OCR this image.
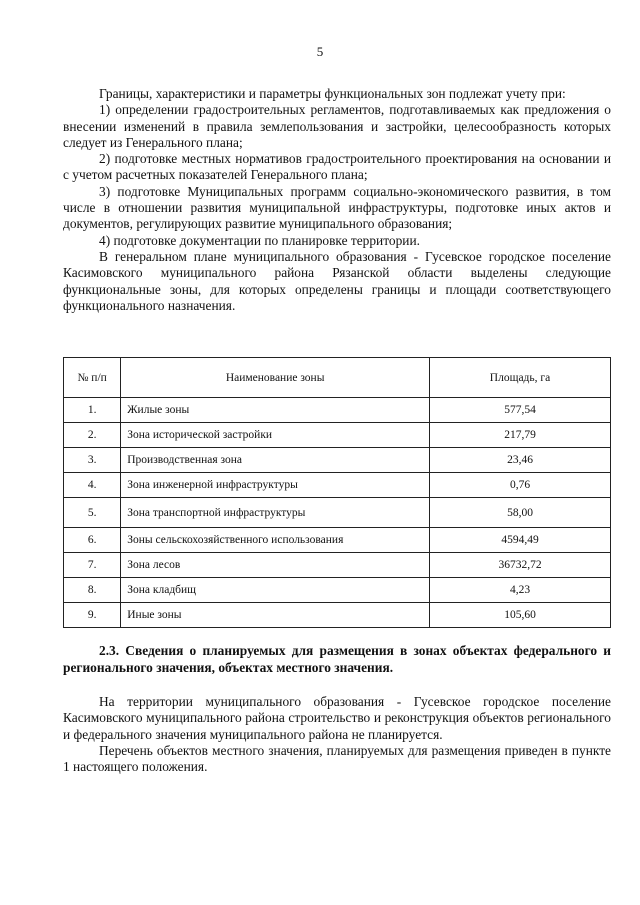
5

Границы, характеристики и параметры функциональных зон подлежат учету при:

1) определении градостроительных регламентов, подготавливаемых как предложения о внесении изменений в правила землепользования и застройки, целесообразность которых следует из Генерального плана;

2) подготовке местных нормативов градостроительного проектирования на основании и с учетом расчетных показателей Генерального плана;

3) подготовке Муниципальных программ социально-экономического развития, в том числе в отношении развития муниципальной инфраструктуры, подготовке иных актов и документов, регулирующих развитие муниципального образования;

4) подготовке документации по планировке территории.

В генеральном плане муниципального образования - Гусевское городское поселение Касимовского муниципального района Рязанской области выделены следующие функциональные зоны, для которых определены границы и площади соответствующего функционального назначения.

№ п/п	Наименование зоны	Площадь, га
1.	Жилые зоны	577,54
2.	Зона исторической застройки	217,79
3.	Производственная зона	23,46
4.	Зона инженерной инфраструктуры	0,76
5.	Зона транспортной инфраструктуры	58,00
6.	Зоны сельскохозяйственного использования	4594,49
7.	Зона лесов	36732,72
8.	Зона кладбищ	4,23
9.	Иные зоны	105,60

2.3. Сведения о планируемых для размещения в зонах объектах федерального и регионального значения, объектах местного значения.

На территории муниципального образования - Гусевское городское поселение Касимовского муниципального района строительство и реконструкция объектов регионального и федерального значения муниципального района не планируется.

Перечень объектов местного значения, планируемых для размещения приведен в пункте 1 настоящего положения.
